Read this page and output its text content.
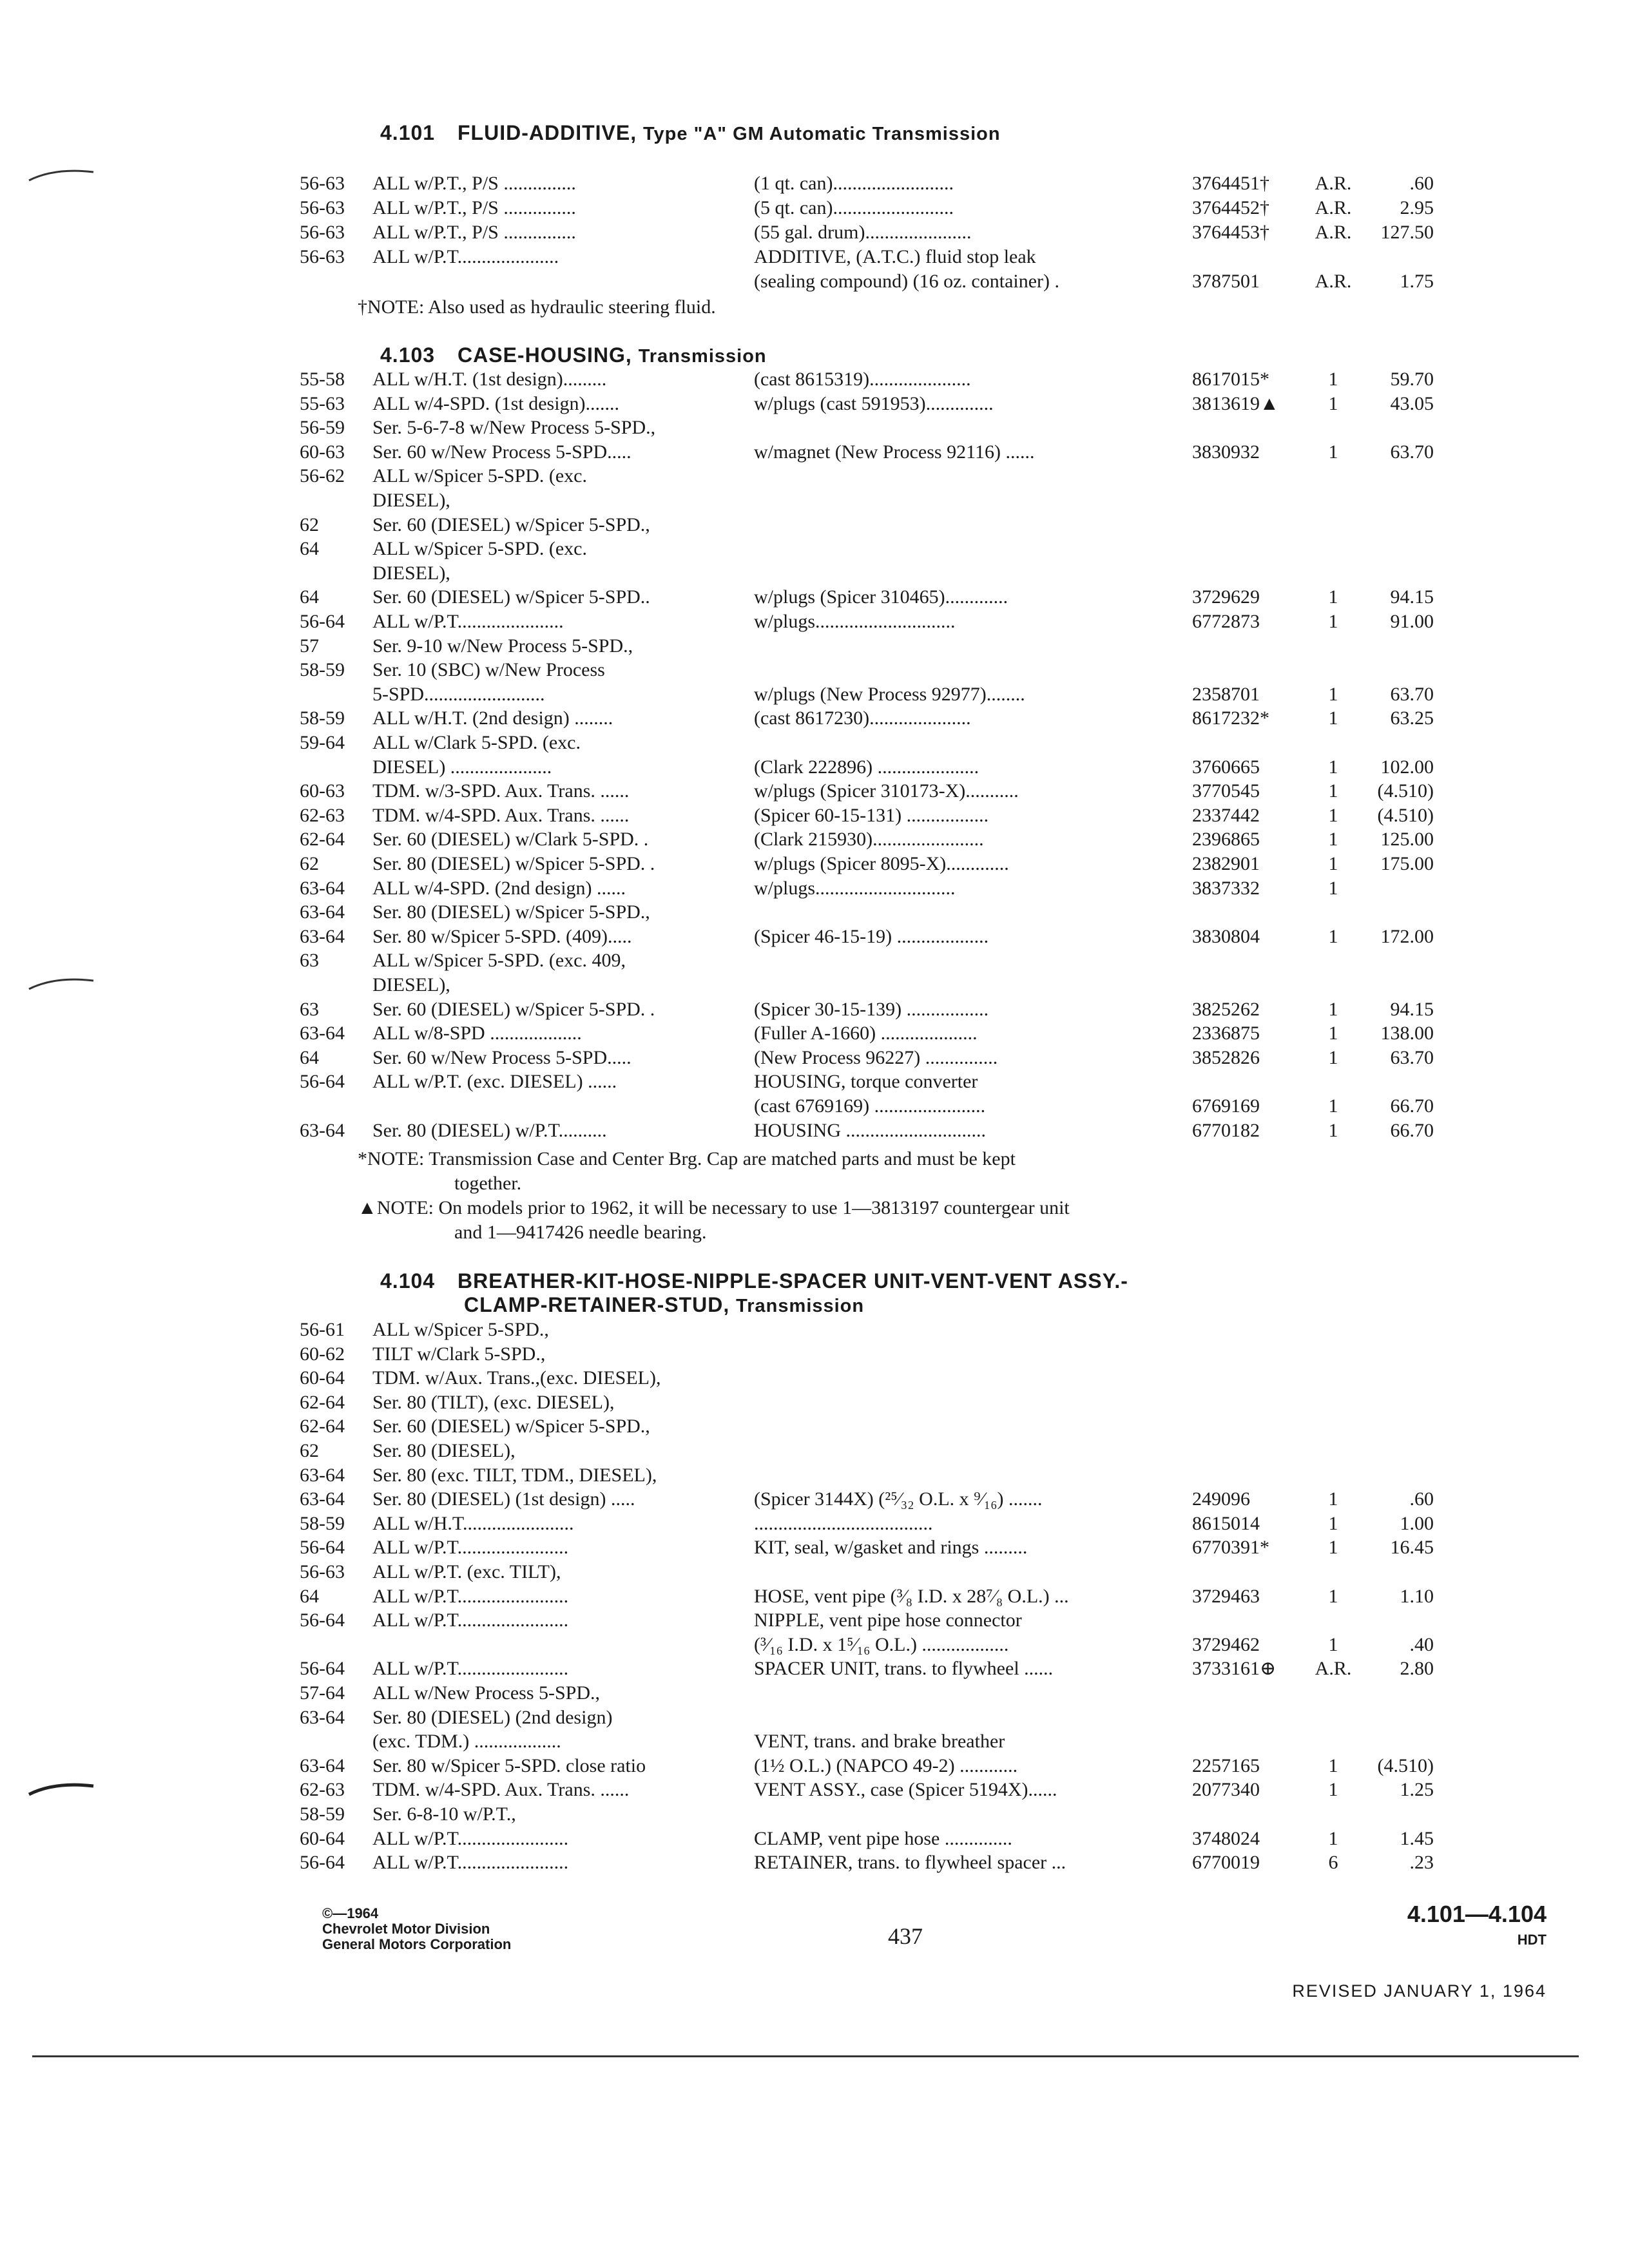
4.101 FLUID-ADDITIVE, Type "A" GM Automatic Transmission
†NOTE: Also used as hydraulic steering fluid.
4.103 CASE-HOUSING, Transmission
*NOTE: Transmission Case and Center Brg. Cap are matched parts and must be kept
together.
▲NOTE: On models prior to 1962, it will be necessary to use 1—3813197 countergear unit
and 1—9417426 needle bearing.
4.104 BREATHER-KIT-HOSE-NIPPLE-SPACER UNIT-VENT-VENT ASSY.-
CLAMP-RETAINER-STUD, Transmission
56-63	ALL w/P.T., P/S ...............	(1 qt. can).........................	3764451†	A.R.	.60
56-63	ALL w/P.T., P/S ...............	(5 qt. can).........................	3764452†	A.R.	2.95
56-63	ALL w/P.T., P/S ...............	(55 gal. drum)......................	3764453†	A.R.	127.50
56-63	ALL w/P.T.....................	ADDITIVE, (A.T.C.) fluid stop leak
(sealing compound) (16 oz. container) .	3787501	A.R.	1.75
55-58	ALL w/H.T. (1st design).........	(cast 8615319).....................	8617015*	1	59.70
55-63	ALL w/4-SPD. (1st design).......	w/plugs (cast 591953)..............	3813619▲	1	43.05
56-59	Ser. 5-6-7-8 w/New Process 5-SPD.,
60-63	Ser. 60 w/New Process 5-SPD.....	w/magnet (New Process 92116) ......	3830932	1	63.70
56-62	ALL w/Spicer 5-SPD. (exc.
DIESEL),
62	Ser. 60 (DIESEL) w/Spicer 5-SPD.,
64	ALL w/Spicer 5-SPD. (exc.
DIESEL),
64	Ser. 60 (DIESEL) w/Spicer 5-SPD..	w/plugs (Spicer 310465).............	3729629	1	94.15
56-64	ALL w/P.T......................	w/plugs.............................	6772873	1	91.00
57	Ser. 9-10 w/New Process 5-SPD.,
58-59	Ser. 10 (SBC) w/New Process
5-SPD.........................	w/plugs (New Process 92977)........	2358701	1	63.70
58-59	ALL w/H.T. (2nd design) ........	(cast 8617230).....................	8617232*	1	63.25
59-64	ALL w/Clark 5-SPD. (exc.
DIESEL) .....................	(Clark 222896) .....................	3760665	1	102.00
60-63	TDM. w/3-SPD. Aux. Trans. ......	w/plugs (Spicer 310173-X)...........	3770545	1	(4.510)
62-63	TDM. w/4-SPD. Aux. Trans. ......	(Spicer 60-15-131) .................	2337442	1	(4.510)
62-64	Ser. 60 (DIESEL) w/Clark 5-SPD. .	(Clark 215930).......................	2396865	1	125.00
62	Ser. 80 (DIESEL) w/Spicer 5-SPD. .	w/plugs (Spicer 8095-X).............	2382901	1	175.00
63-64	ALL w/4-SPD. (2nd design) ......	w/plugs.............................	3837332	1
63-64	Ser. 80 (DIESEL) w/Spicer 5-SPD.,
63-64	Ser. 80 w/Spicer 5-SPD. (409).....	(Spicer 46-15-19) ...................	3830804	1	172.00
63	ALL w/Spicer 5-SPD. (exc. 409,
DIESEL),
63	Ser. 60 (DIESEL) w/Spicer 5-SPD. .	(Spicer 30-15-139) .................	3825262	1	94.15
63-64	ALL w/8-SPD ...................	(Fuller A-1660) ....................	2336875	1	138.00
64	Ser. 60 w/New Process 5-SPD.....	(New Process 96227) ...............	3852826	1	63.70
56-64	ALL w/P.T. (exc. DIESEL) ......	HOUSING, torque converter
(cast 6769169) .......................	6769169	1	66.70
63-64	Ser. 80 (DIESEL) w/P.T..........	HOUSING .............................	6770182	1	66.70
56-61	ALL w/Spicer 5-SPD.,
60-62	TILT w/Clark 5-SPD.,
60-64	TDM. w/Aux. Trans.,(exc. DIESEL),
62-64	Ser. 80 (TILT), (exc. DIESEL),
62-64	Ser. 60 (DIESEL) w/Spicer 5-SPD.,
62	Ser. 80 (DIESEL),
63-64	Ser. 80 (exc. TILT, TDM., DIESEL),
63-64	Ser. 80 (DIESEL) (1st design) .....	(Spicer 3144X) (²⁵⁄₃₂ O.L. x ⁹⁄₁₆) .......	249096	1	.60
58-59	ALL w/H.T.......................	.....................................	8615014	1	1.00
56-64	ALL w/P.T.......................	KIT, seal, w/gasket and rings .........	6770391*	1	16.45
56-63	ALL w/P.T. (exc. TILT),
64	ALL w/P.T.......................	HOSE, vent pipe (³⁄₈ I.D. x 28⁷⁄₈ O.L.) ...	3729463	1	1.10
56-64	ALL w/P.T.......................	NIPPLE, vent pipe hose connector
(³⁄₁₆ I.D. x 1⁵⁄₁₆ O.L.) ..................	3729462	1	.40
56-64	ALL w/P.T.......................	SPACER UNIT, trans. to flywheel ......	3733161⊕	A.R.	2.80
57-64	ALL w/New Process 5-SPD.,
63-64	Ser. 80 (DIESEL) (2nd design)
(exc. TDM.) ..................	VENT, trans. and brake breather
63-64	Ser. 80 w/Spicer 5-SPD. close ratio	(1½ O.L.) (NAPCO 49-2) ............	2257165	1	(4.510)
62-63	TDM. w/4-SPD. Aux. Trans. ......	VENT ASSY., case (Spicer 5194X)......	2077340	1	1.25
58-59	Ser. 6-8-10 w/P.T.,
60-64	ALL w/P.T.......................	CLAMP, vent pipe hose ..............	3748024	1	1.45
56-64	ALL w/P.T.......................	RETAINER, trans. to flywheel spacer ...	6770019	6	.23
©—1964
Chevrolet Motor Division
General Motors Corporation	437
4.101—4.104
HDT
REVISED JANUARY 1, 1964
